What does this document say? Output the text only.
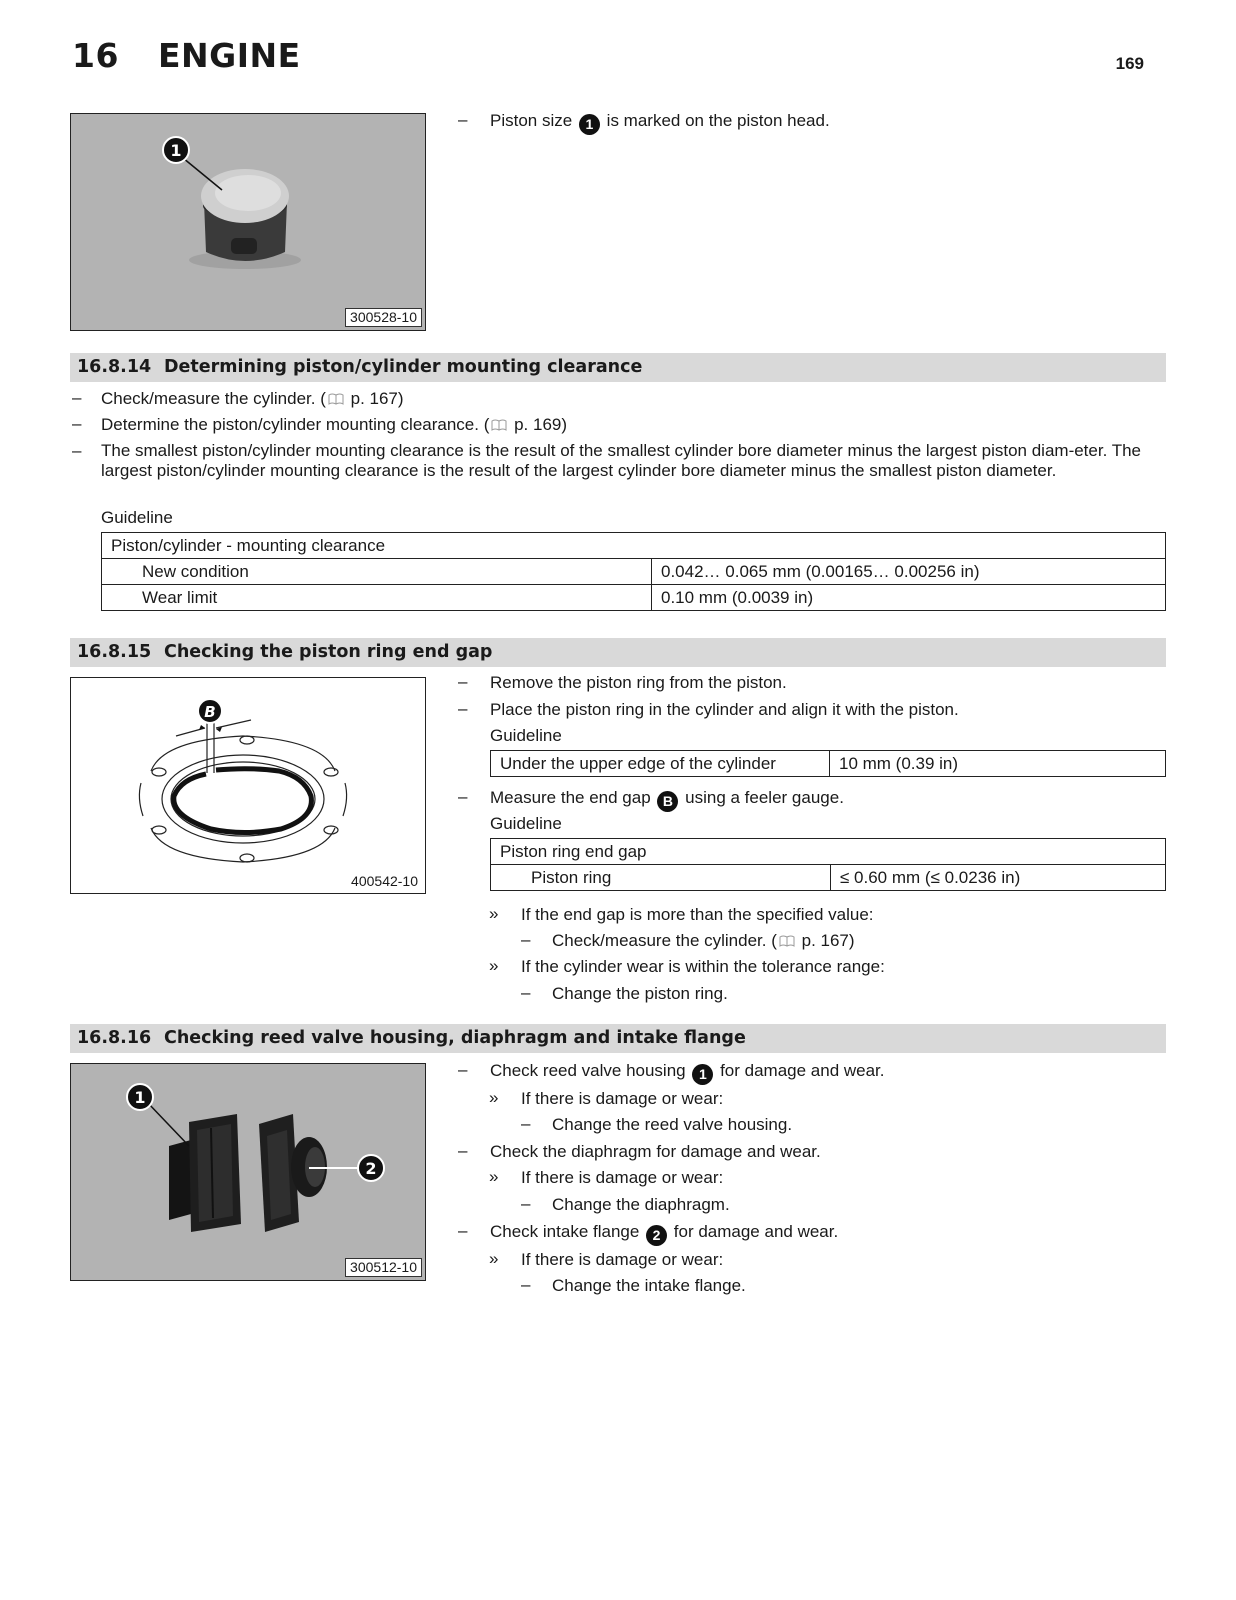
16 ENGINE	169
1
300528-10
– Piston size 1 is marked on the piston head.
16.8.14 Determining piston/cylinder mounting clearance
– Check/measure the cylinder. ( p. 167)
– Determine the piston/cylinder mounting clearance. ( p. 169)
– The smallest piston/cylinder mounting clearance is the result of the smallest cylinder bore diameter minus the largest piston diam-eter. The largest piston/cylinder mounting clearance is the result of the largest cylinder bore diameter minus the smallest piston diameter.
Guideline
Piston/cylinder - mounting clearance	
New condition	0.042… 0.065 mm (0.00165… 0.00256 in)
Wear limit	0.10 mm (0.0039 in)
16.8.15 Checking the piston ring end gap
B
400542-10
– Remove the piston ring from the piston.
– Place the piston ring in the cylinder and align it with the piston.
Guideline
Under the upper edge of the cylinder	10 mm (0.39 in)
– Measure the end gap B using a feeler gauge.
Guideline
Piston ring end gap
Piston ring	≤ 0.60 mm (≤ 0.0236 in)
» If the end gap is more than the specified value:
– Check/measure the cylinder. ( p. 167)
» If the cylinder wear is within the tolerance range:
– Change the piston ring.
16.8.16 Checking reed valve housing, diaphragm and intake flange
1
2
300512-10
– Check reed valve housing 1 for damage and wear.
» If there is damage or wear:
– Change the reed valve housing.
– Check the diaphragm for damage and wear.
» If there is damage or wear:
– Change the diaphragm.
– Check intake flange 2 for damage and wear.
» If there is damage or wear:
– Change the intake flange.
